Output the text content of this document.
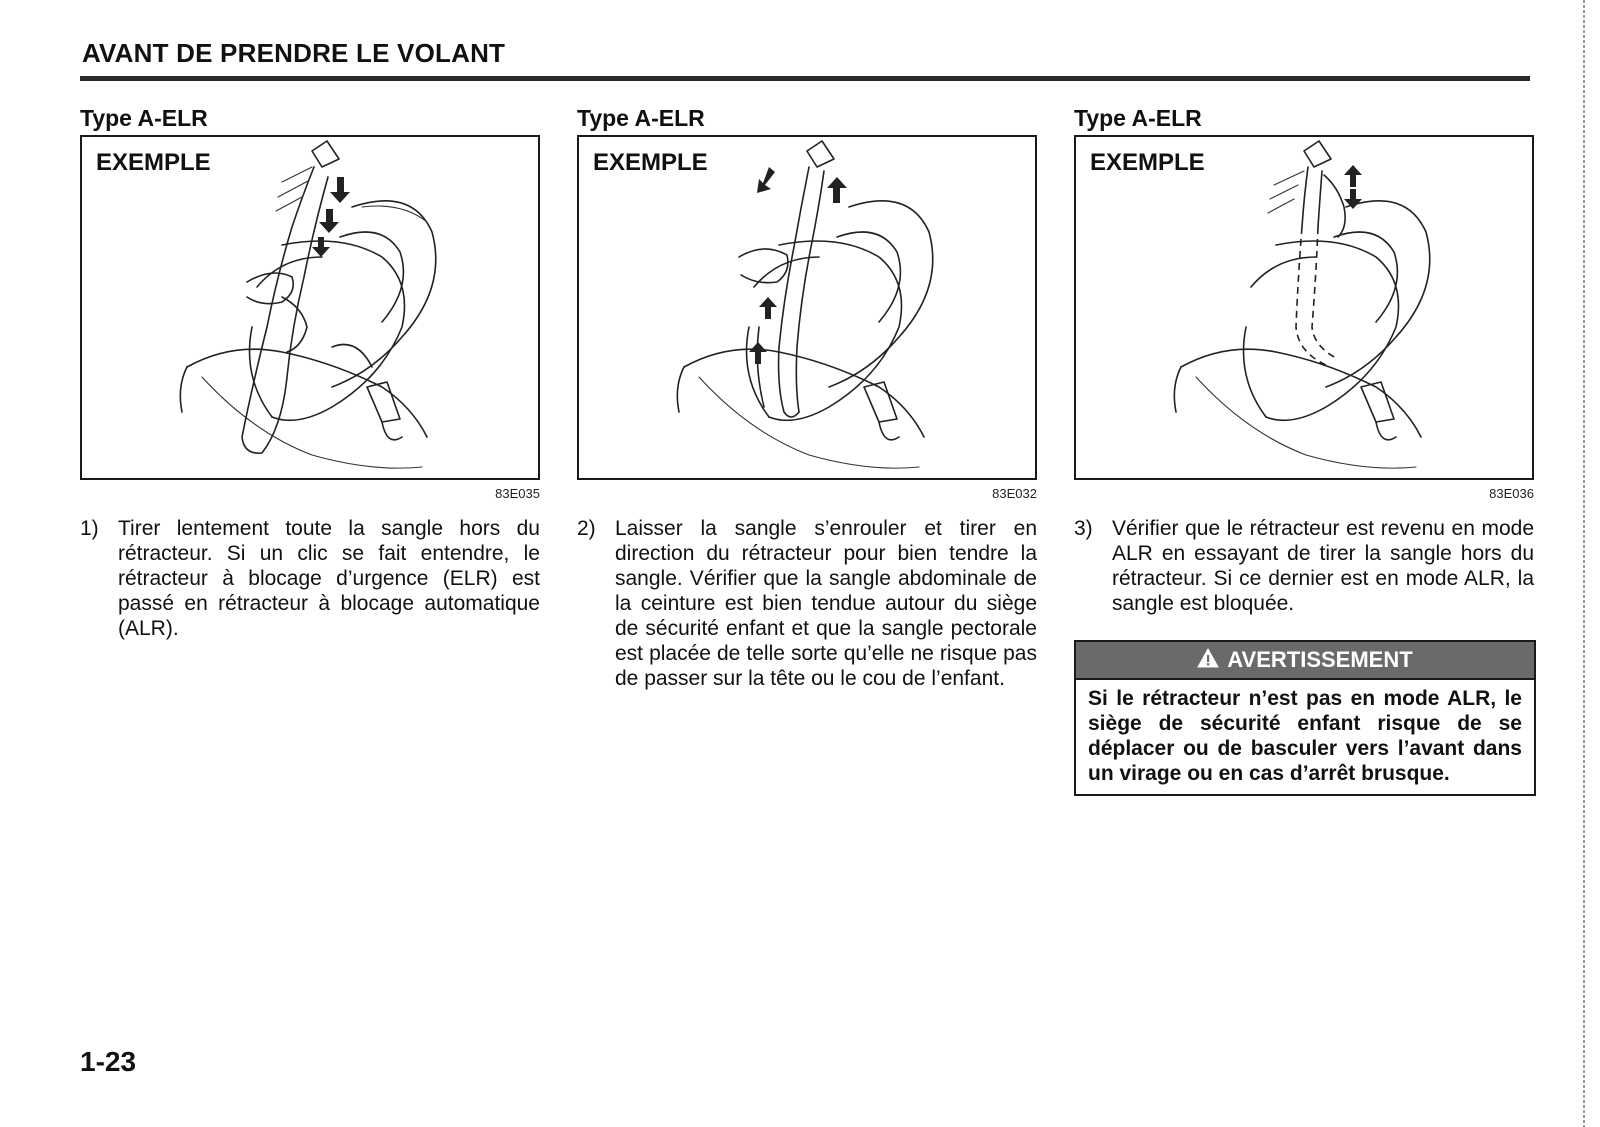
AVANT DE PRENDRE LE VOLANT
Type A-ELR
EXEMPLE
83E035
1) Tirer lentement toute la sangle hors du rétracteur. Si un clic se fait entendre, le rétracteur à blocage d’urgence (ELR) est passé en rétracteur à blocage automatique (ALR).
Type A-ELR
EXEMPLE
83E032
2) Laisser la sangle s’enrouler et tirer en direction du rétracteur pour bien tendre la sangle. Vérifier que la sangle abdominale de la ceinture est bien tendue autour du siège de sécurité enfant et que la sangle pectorale est placée de telle sorte qu’elle ne risque pas de passer sur la tête ou le cou de l’enfant.
Type A-ELR
EXEMPLE
83E036
3) Vérifier que le rétracteur est revenu en mode ALR en essayant de tirer la sangle hors du rétracteur. Si ce dernier est en mode ALR, la sangle est bloquée.
AVERTISSEMENT
Si le rétracteur n’est pas en mode ALR, le siège de sécurité enfant risque de se déplacer ou de basculer vers l’avant dans un virage ou en cas d’arrêt brusque.
1-23
